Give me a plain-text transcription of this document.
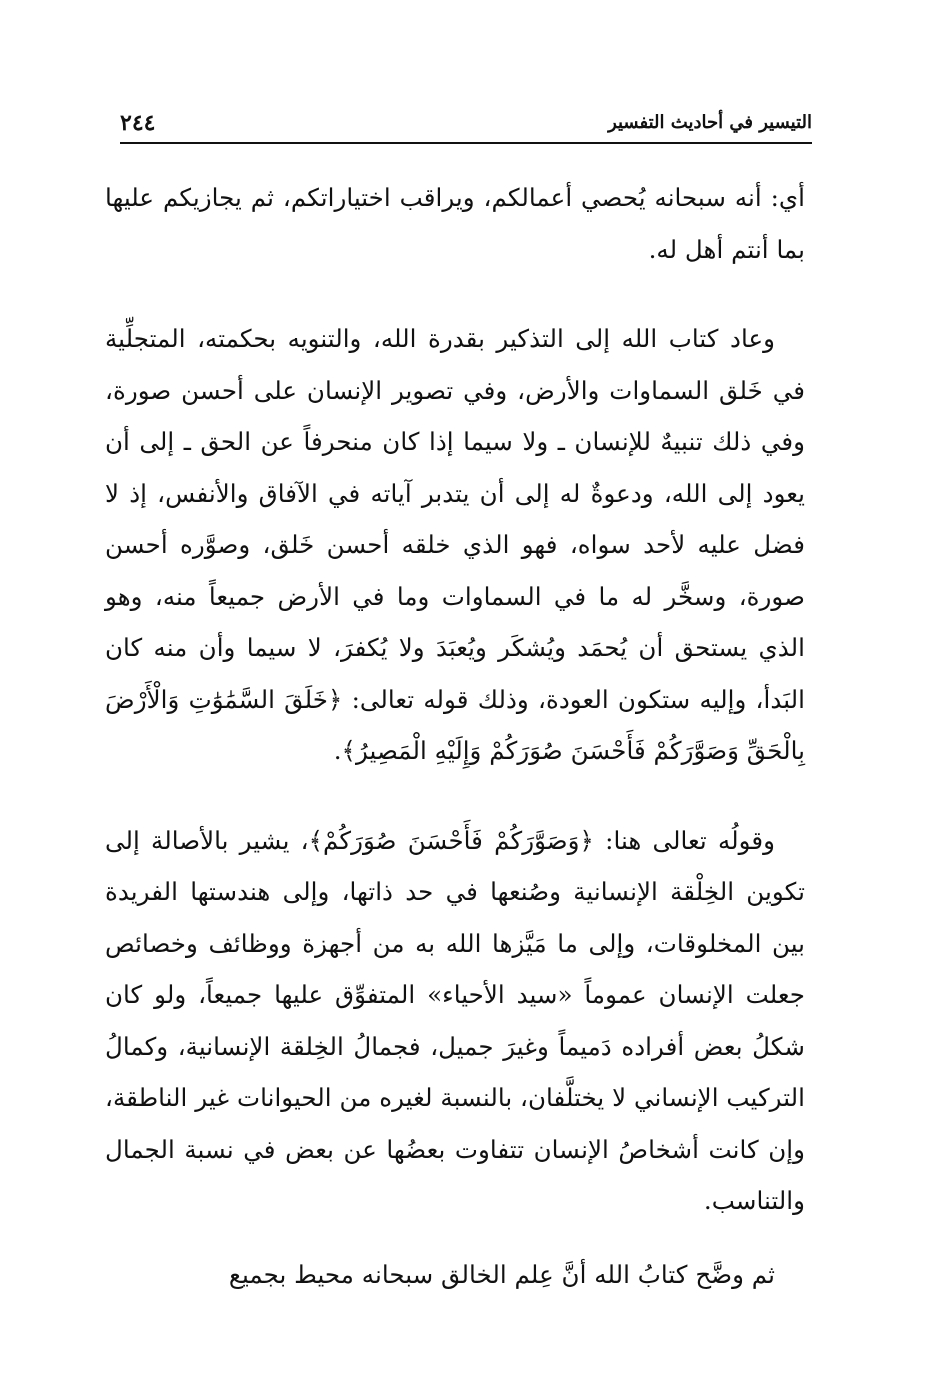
٢٤٤	التيسير في أحاديث التفسير

أي: أنه سبحانه يُحصي أعمالكم، ويراقب اختياراتكم، ثم يجازيكم عليها بما أنتم أهل له.

وعاد كتاب الله إلى التذكير بقدرة الله، والتنويه بحكمته، المتجلِّية في خَلق السماوات والأرض، وفي تصوير الإنسان على أحسن صورة، وفي ذلك تنبيهٌ للإنسان ـ ولا سيما إذا كان منحرفاً عن الحق ـ إلى أن يعود إلى الله، ودعوةٌ له إلى أن يتدبر آياته في الآفاق والأنفس، إذ لا فضل عليه لأحد سواه، فهو الذي خلقه أحسن خَلق، وصوَّره أحسن صورة، وسخَّر له ما في السماوات وما في الأرض جميعاً منه، وهو الذي يستحق أن يُحمَد ويُشكَر ويُعبَدَ ولا يُكفرَ، لا سيما وأن منه كان البَدأ، وإليه ستكون العودة، وذلك قوله تعالى: ﴿خَلَقَ السَّمَٰوَٰتِ وَالْأَرْضَ بِالْحَقِّ وَصَوَّرَكُمْ فَأَحْسَنَ صُوَرَكُمْ وَإِلَيْهِ الْمَصِيرُ﴾.

وقولُه تعالى هنا: ﴿وَصَوَّرَكُمْ فَأَحْسَنَ صُوَرَكُمْ﴾، يشير بالأصالة إلى تكوين الخِلْقة الإنسانية وصُنعها في حد ذاتها، وإلى هندستها الفريدة بين المخلوقات، وإلى ما مَيَّزها الله به من أجهزة ووظائف وخصائص جعلت الإنسان عموماً «سيد الأحياء» المتفوِّق عليها جميعاً، ولو كان شكلُ بعض أفراده دَميماً وغيرَ جميل، فجمالُ الخِلقة الإنسانية، وكمالُ التركيب الإنساني لا يختلَّفان، بالنسبة لغيره من الحيوانات غير الناطقة، وإن كانت أشخاصُ الإنسان تتفاوت بعضُها عن بعض في نسبة الجمال والتناسب.

ثم وضَّح كتابُ الله أنَّ عِلم الخالق سبحانه محيط بجميع
